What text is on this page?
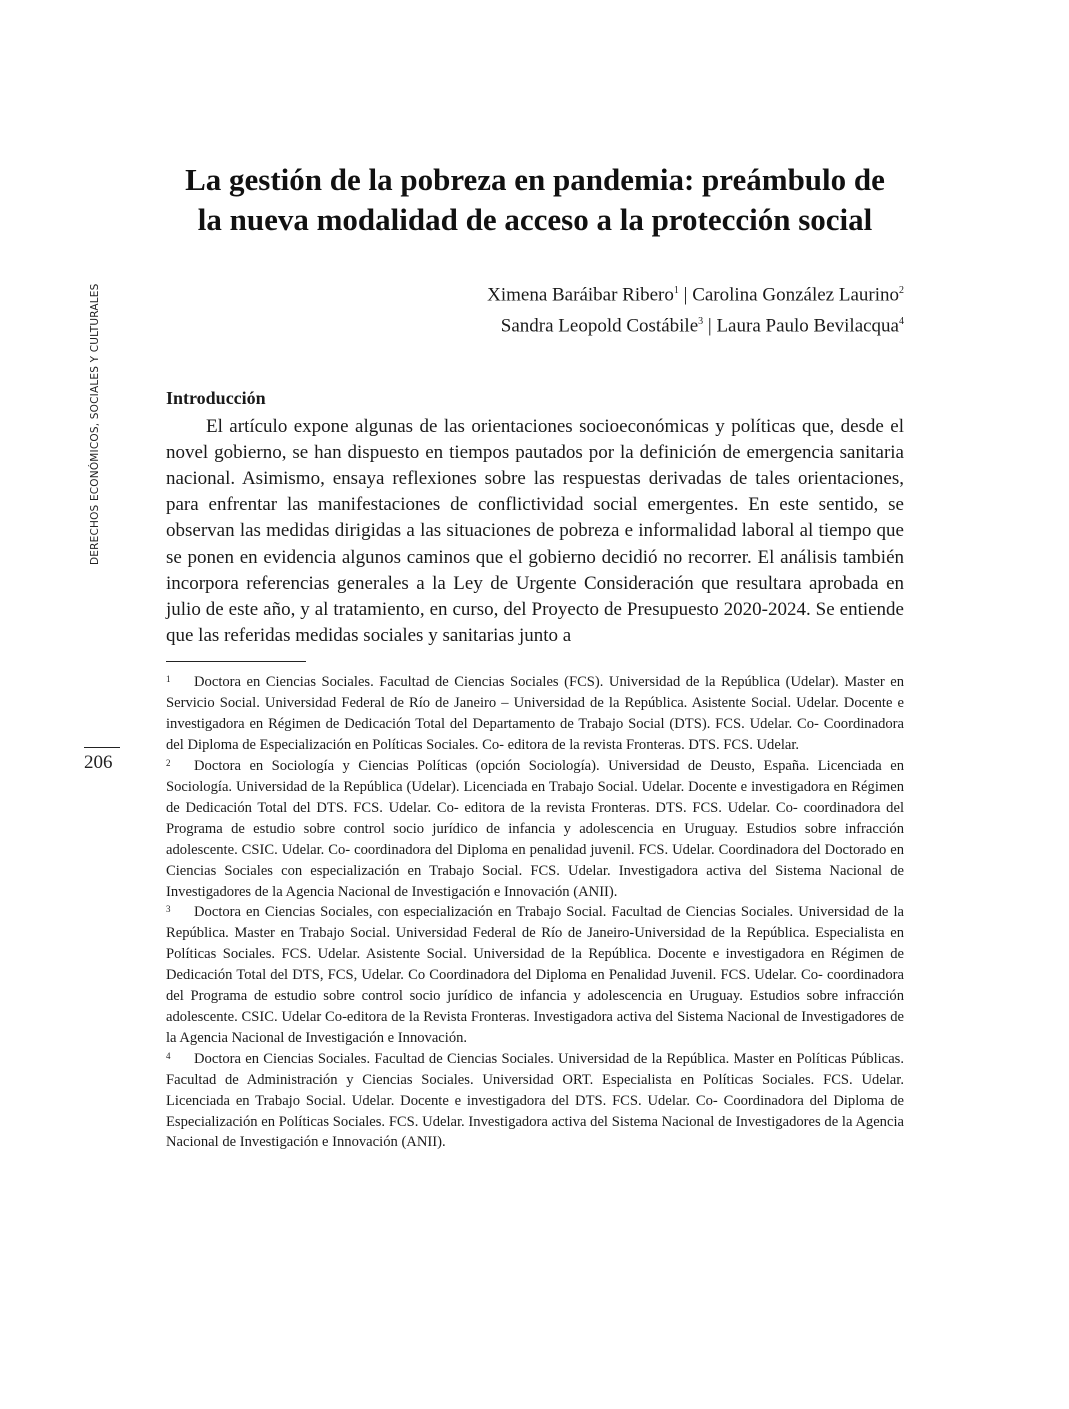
DERECHOS ECONÓMICOS, SOCIALES Y CULTURALES
206
La gestión de la pobreza en pandemia: preámbulo de
la nueva modalidad de acceso a la protección social
Ximena Baráibar Ribero$^1$ | Carolina González Laurino$^2$
Sandra Leopold Costábile$^3$ | Laura Paulo Bevilacqua$^4$
Introducción

El artículo expone algunas de las orientaciones socioeconómicas y políticas que, desde el novel gobierno, se han dispuesto en tiempos pautados por la definición de emergencia sanitaria nacional. Asimismo, ensaya reflexiones sobre las respuestas derivadas de tales orientaciones, para enfrentar las manifestaciones de conflictividad social emergentes. En este sentido, se observan las medidas dirigidas a las situaciones de pobreza e informalidad laboral al tiempo que se ponen en evidencia algunos caminos que el gobierno decidió no recorrer. El análisis también incorpora referencias generales a la Ley de Urgente Consideración que resultara aprobada en julio de este año, y al tratamiento, en curso, del Proyecto de Presupuesto 2020-2024. Se entiende que las referidas medidas sociales y sanitarias junto a

1 Doctora en Ciencias Sociales. Facultad de Ciencias Sociales (FCS). Universidad de la República (Udelar). Master en Servicio Social. Universidad Federal de Río de Janeiro – Universidad de la República. Asistente Social. Udelar. Docente e investigadora en Régimen de Dedicación Total del Departamento de Trabajo Social (DTS). FCS. Udelar. Co- Coordinadora del Diploma de Especialización en Políticas Sociales. Co- editora de la revista Fronteras. DTS. FCS. Udelar.

2 Doctora en Sociología y Ciencias Políticas (opción Sociología). Universidad de Deusto, España. Licenciada en Sociología. Universidad de la República (Udelar). Licenciada en Trabajo Social. Udelar. Docente e investigadora en Régimen de Dedicación Total del DTS. FCS. Udelar. Co- editora de la revista Fronteras. DTS. FCS. Udelar. Co- coordinadora del Programa de estudio sobre control socio jurídico de infancia y adolescencia en Uruguay. Estudios sobre infracción adolescente. CSIC. Udelar. Co- coordinadora del Diploma en penalidad juvenil. FCS. Udelar. Coordinadora del Doctorado en Ciencias Sociales con especialización en Trabajo Social. FCS. Udelar. Investigadora activa del Sistema Nacional de Investigadores de la Agencia Nacional de Investigación e Innovación (ANII).

3 Doctora en Ciencias Sociales, con especialización en Trabajo Social. Facultad de Ciencias Sociales. Universidad de la República. Master en Trabajo Social. Universidad Federal de Río de Janeiro-Universidad de la República. Especialista en Políticas Sociales. FCS. Udelar. Asistente Social. Universidad de la República. Docente e investigadora en Régimen de Dedicación Total del DTS, FCS, Udelar. Co Coordinadora del Diploma en Penalidad Juvenil. FCS. Udelar. Co- coordinadora del Programa de estudio sobre control socio jurídico de infancia y adolescencia en Uruguay. Estudios sobre infracción adolescente. CSIC. Udelar Co-editora de la Revista Fronteras. Investigadora activa del Sistema Nacional de Investigadores de la Agencia Nacional de Investigación e Innovación.

4 Doctora en Ciencias Sociales. Facultad de Ciencias Sociales. Universidad de la República. Master en Políticas Públicas. Facultad de Administración y Ciencias Sociales. Universidad ORT. Especialista en Políticas Sociales. FCS. Udelar. Licenciada en Trabajo Social. Udelar. Docente e investigadora del DTS. FCS. Udelar. Co- Coordinadora del Diploma de Especialización en Políticas Sociales. FCS. Udelar. Investigadora activa del Sistema Nacional de Investigadores de la Agencia Nacional de Investigación e Innovación (ANII).
